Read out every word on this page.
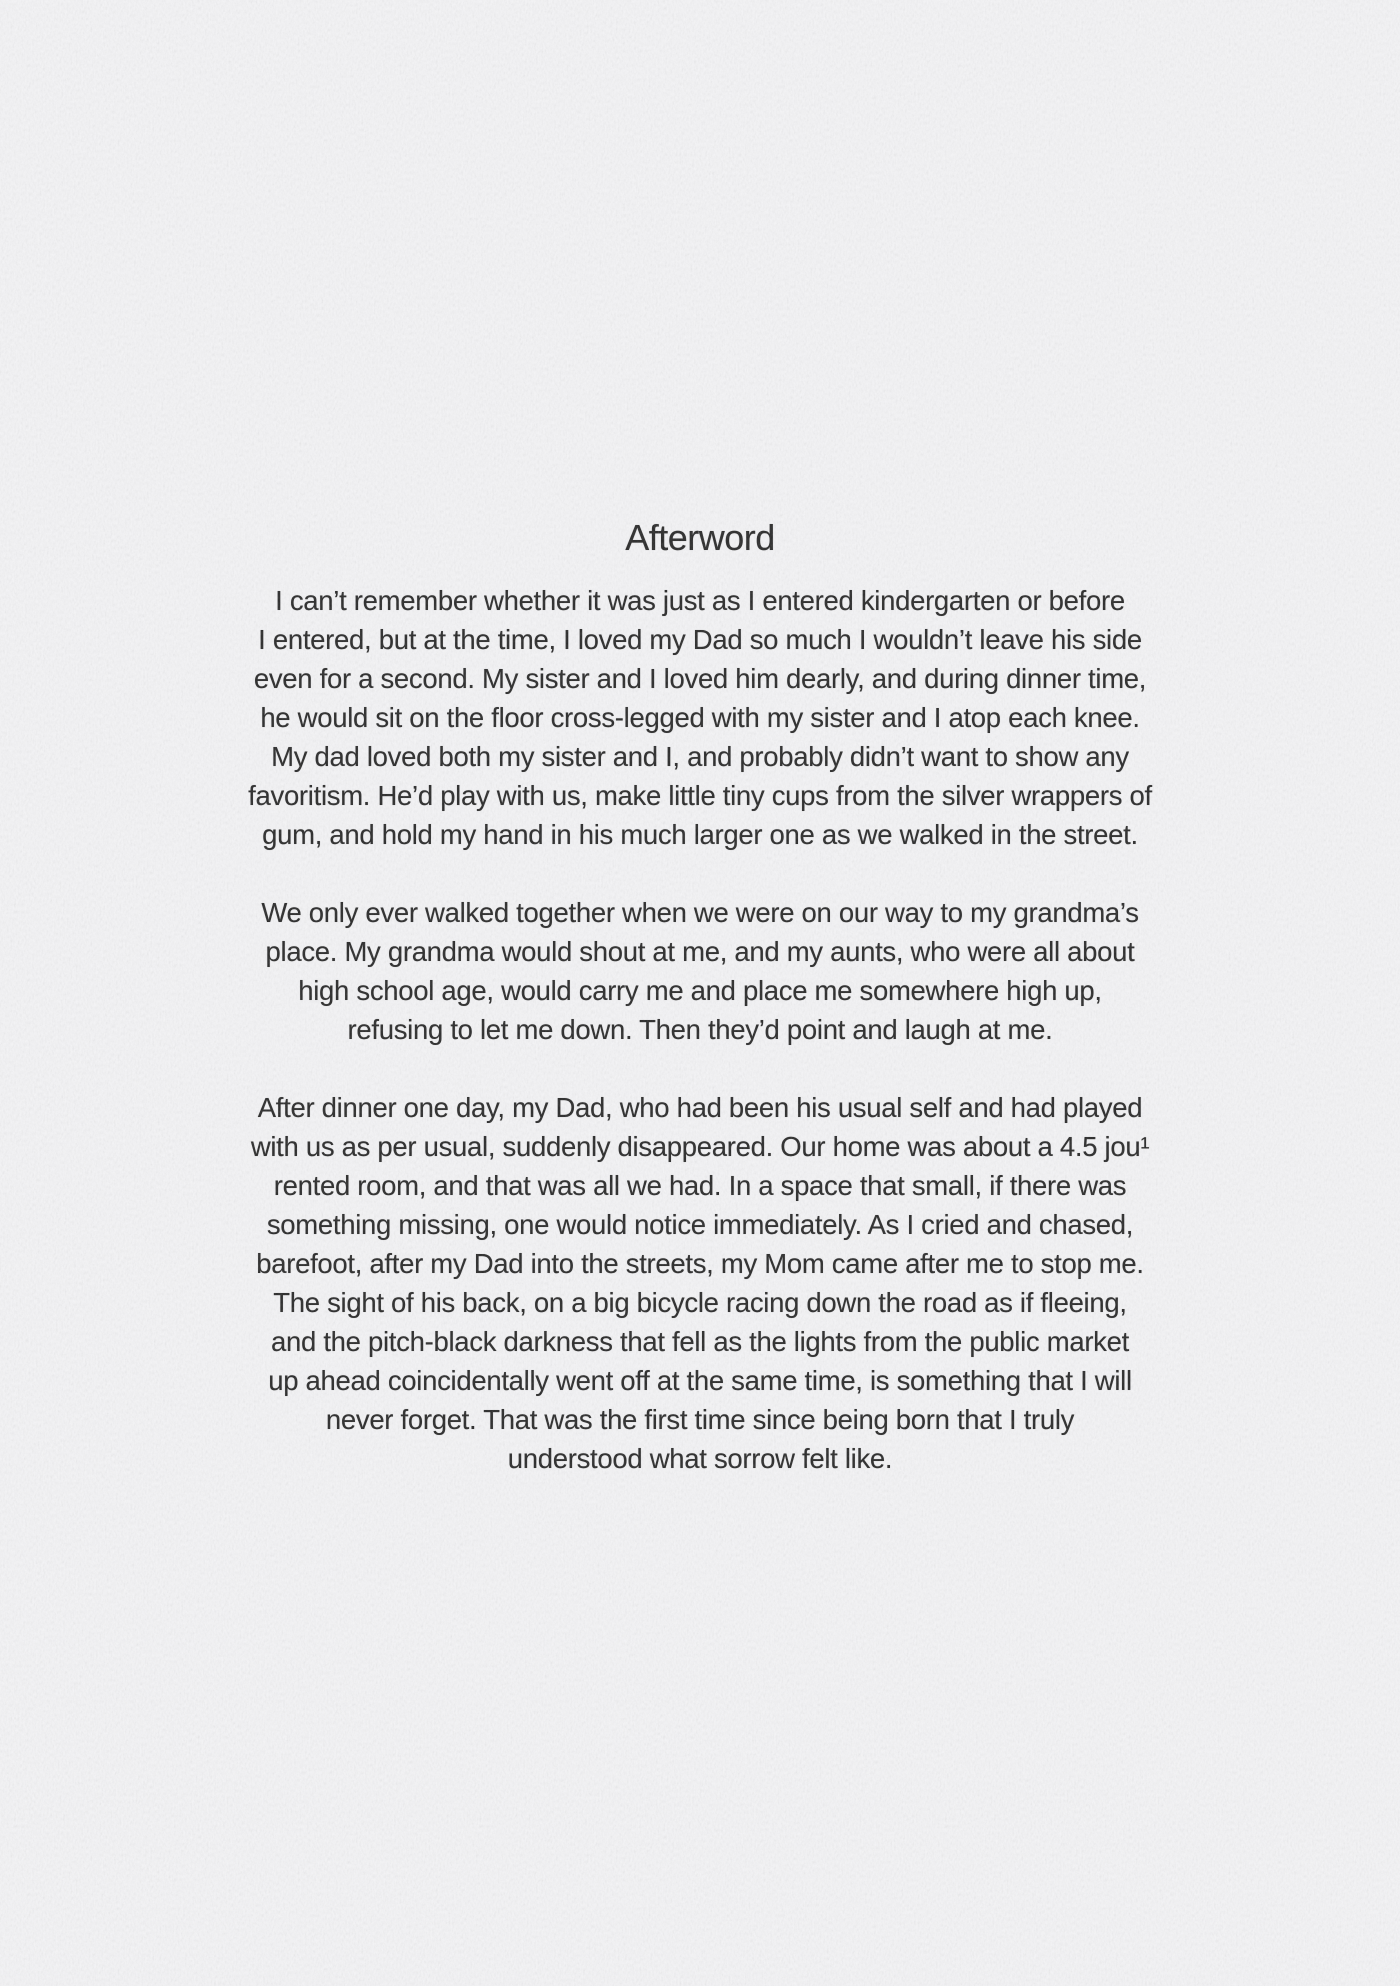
Afterword

I can’t remember whether it was just as I entered kindergarten or before
I entered, but at the time, I loved my Dad so much I wouldn’t leave his side
even for a second. My sister and I loved him dearly, and during dinner time,
he would sit on the floor cross-legged with my sister and I atop each knee.
My dad loved both my sister and I, and probably didn’t want to show any
favoritism. He’d play with us, make little tiny cups from the silver wrappers of
gum, and hold my hand in his much larger one as we walked in the street.

We only ever walked together when we were on our way to my grandma’s
place. My grandma would shout at me, and my aunts, who were all about
high school age, would carry me and place me somewhere high up,
refusing to let me down. Then they’d point and laugh at me.

After dinner one day, my Dad, who had been his usual self and had played
with us as per usual, suddenly disappeared. Our home was about a 4.5 jou¹
rented room, and that was all we had. In a space that small, if there was
something missing, one would notice immediately. As I cried and chased,
barefoot, after my Dad into the streets, my Mom came after me to stop me.
The sight of his back, on a big bicycle racing down the road as if fleeing,
and the pitch-black darkness that fell as the lights from the public market
up ahead coincidentally went off at the same time, is something that I will
never forget. That was the first time since being born that I truly
understood what sorrow felt like.
